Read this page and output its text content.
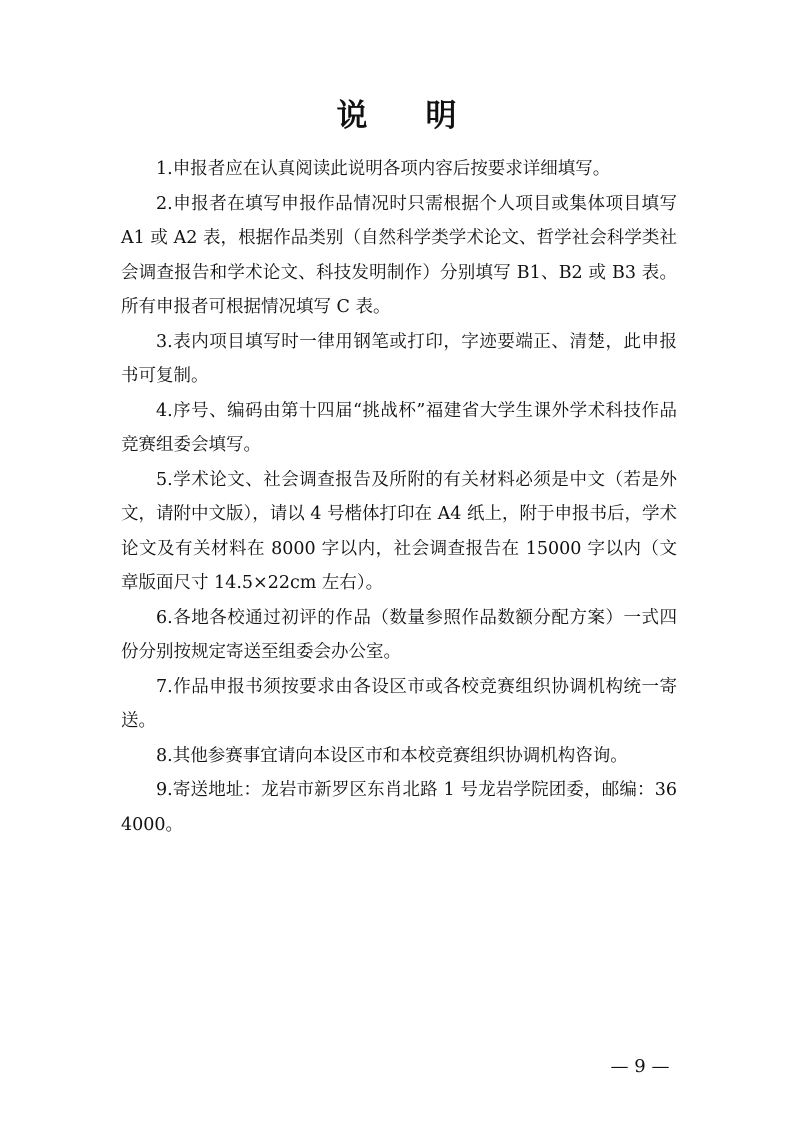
说明

1.申报者应在认真阅读此说明各项内容后按要求详细填写。

2.申报者在填写申报作品情况时只需根据个人项目或集体项目填写 A1 或 A2 表，根据作品类别（自然科学类学术论文、哲学社会科学类社会调查报告和学术论文、科技发明制作）分别填写 B1、B2 或 B3 表。所有申报者可根据情况填写 C 表。

3.表内项目填写时一律用钢笔或打印，字迹要端正、清楚，此申报书可复制。

4.序号、编码由第十四届“挑战杯”福建省大学生课外学术科技作品竞赛组委会填写。

5.学术论文、社会调查报告及所附的有关材料必须是中文（若是外文，请附中文版），请以 4 号楷体打印在 A4 纸上，附于申报书后，学术论文及有关材料在 8000 字以内，社会调查报告在 15000 字以内（文章版面尺寸 14.5×22cm 左右）。

6.各地各校通过初评的作品（数量参照作品数额分配方案）一式四份分别按规定寄送至组委会办公室。

7.作品申报书须按要求由各设区市或各校竞赛组织协调机构统一寄送。

8.其他参赛事宜请向本设区市和本校竞赛组织协调机构咨询。

9.寄送地址：龙岩市新罗区东肖北路 1 号龙岩学院团委，邮编：364000。

— 9 —
